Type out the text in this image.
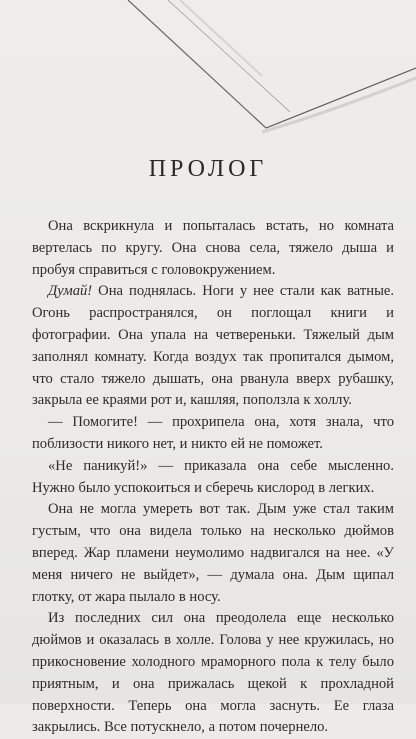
ПРОЛОГ

Она вскрикнула и попыталась встать, но комната вертелась по кругу. Она снова села, тяжело дыша и пробуя справиться с головокружением.

Думай! Она поднялась. Ноги у нее стали как ватные. Огонь распространялся, он поглощал книги и фотографии. Она упала на четвереньки. Тяжелый дым заполнял комнату. Когда воздух так пропитался дымом, что стало тяжело дышать, она рванула вверх рубашку, закрыла ее краями рот и, кашляя, поползла к холлу.

— Помогите! — прохрипела она, хотя знала, что поблизости никого нет, и никто ей не поможет.

«Не паникуй!» — приказала она себе мысленно. Нужно было успокоиться и сберечь кислород в легких.

Она не могла умереть вот так. Дым уже стал таким густым, что она видела только на несколько дюймов вперед. Жар пламени неумолимо надвигался на нее. «У меня ничего не выйдет», — думала она. Дым щипал глотку, от жара пылало в носу.

Из последних сил она преодолела еще несколько дюймов и оказалась в холле. Голова у нее кружилась, но прикосновение холодного мраморного пола к телу было приятным, и она прижалась щекой к прохладной поверхности. Теперь она могла заснуть. Ее глаза закрылись. Все потускнело, а потом почернело.
